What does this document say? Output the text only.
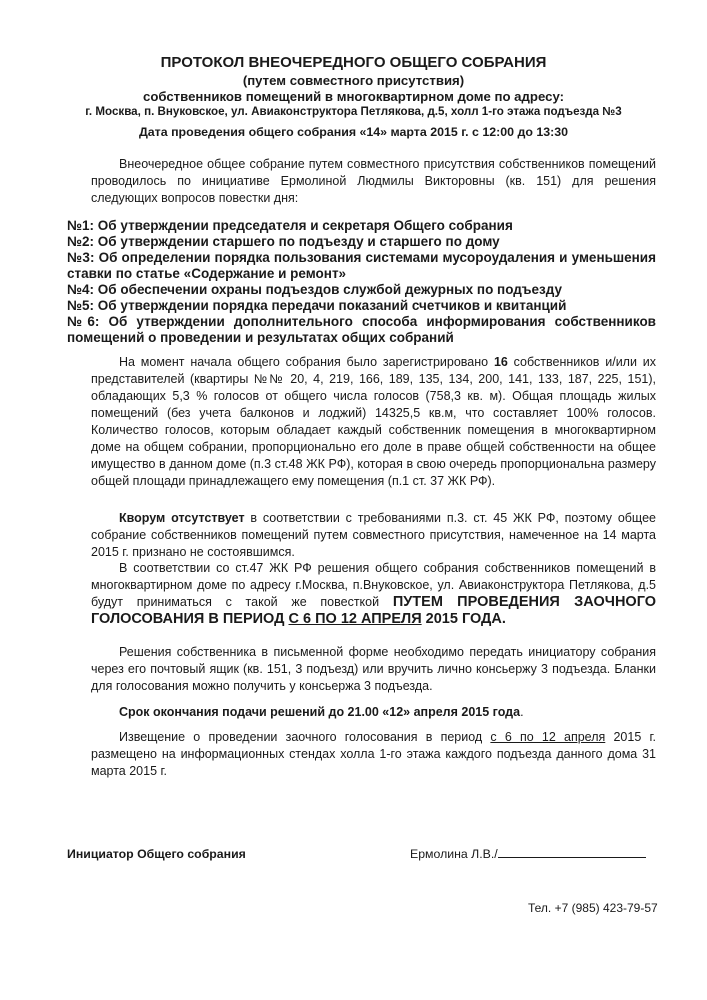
ПРОТОКОЛ ВНЕОЧЕРЕДНОГО ОБЩЕГО СОБРАНИЯ
(путем совместного присутствия)
собственников помещений в многоквартирном доме по адресу:
г. Москва, п. Внуковское, ул. Авиаконструктора Петлякова, д.5, холл 1-го этажа подъезда №3
Дата проведения общего собрания «14» марта 2015 г. с 12:00 до 13:30

Внеочередное общее собрание путем совместного присутствия собственников помещений проводилось по инициативе Ермолиной Людмилы Викторовны (кв. 151) для решения следующих вопросов повестки дня:

№1: Об утверждении председателя и секретаря Общего собрания
№2: Об утверждении старшего по подъезду и старшего по дому
№3: Об определении порядка пользования системами мусороудаления и уменьшения ставки по статье «Содержание и ремонт»
№4: Об обеспечении охраны подъездов службой дежурных по подъезду
№5: Об утверждении порядка передачи показаний счетчиков и квитанций
№6: Об утверждении дополнительного способа информирования собственников помещений о проведении и результатах общих собраний

На момент начала общего собрания было зарегистрировано 16 собственников и/или их представителей (квартиры №№ 20, 4, 219, 166, 189, 135, 134, 200, 141, 133, 187, 225, 151), обладающих 5,3 % голосов от общего числа голосов (758,3 кв. м). Общая площадь жилых помещений (без учета балконов и лоджий) 14325,5 кв.м, что составляет 100% голосов. Количество голосов, которым обладает каждый собственник помещения в многоквартирном доме на общем собрании, пропорционально его доле в праве общей собственности на общее имущество в данном доме (п.3 ст.48 ЖК РФ), которая в свою очередь пропорциональна размеру общей площади принадлежащего ему помещения (п.1 ст. 37 ЖК РФ).

Кворум отсутствует в соответствии с требованиями п.3. ст. 45 ЖК РФ, поэтому общее собрание собственников помещений путем совместного присутствия, намеченное на 14 марта 2015 г. признано не состоявшимся.

В соответствии со ст.47 ЖК РФ решения общего собрания собственников помещений в многоквартирном доме по адресу г.Москва, п.Внуковское, ул. Авиаконструктора Петлякова, д.5 будут приниматься с такой же повесткой ПУТЕМ ПРОВЕДЕНИЯ ЗАОЧНОГО ГОЛОСОВАНИЯ В ПЕРИОД С 6 ПО 12 АПРЕЛЯ 2015 ГОДА.

Решения собственника в письменной форме необходимо передать инициатору собрания через его почтовый ящик (кв. 151, 3 подъезд) или вручить лично консьержу 3 подъезда. Бланки для голосования можно получить у консьержа 3 подъезда.

Срок окончания подачи решений до 21.00 «12» апреля 2015 года.

Извещение о проведении заочного голосования в период с 6 по 12 апреля 2015 г. размещено на информационных стендах холла 1-го этажа каждого подъезда данного дома 31 марта 2015 г.

Инициатор Общего собрания	Ермолина Л.В./
Тел. +7 (985) 423-79-57
